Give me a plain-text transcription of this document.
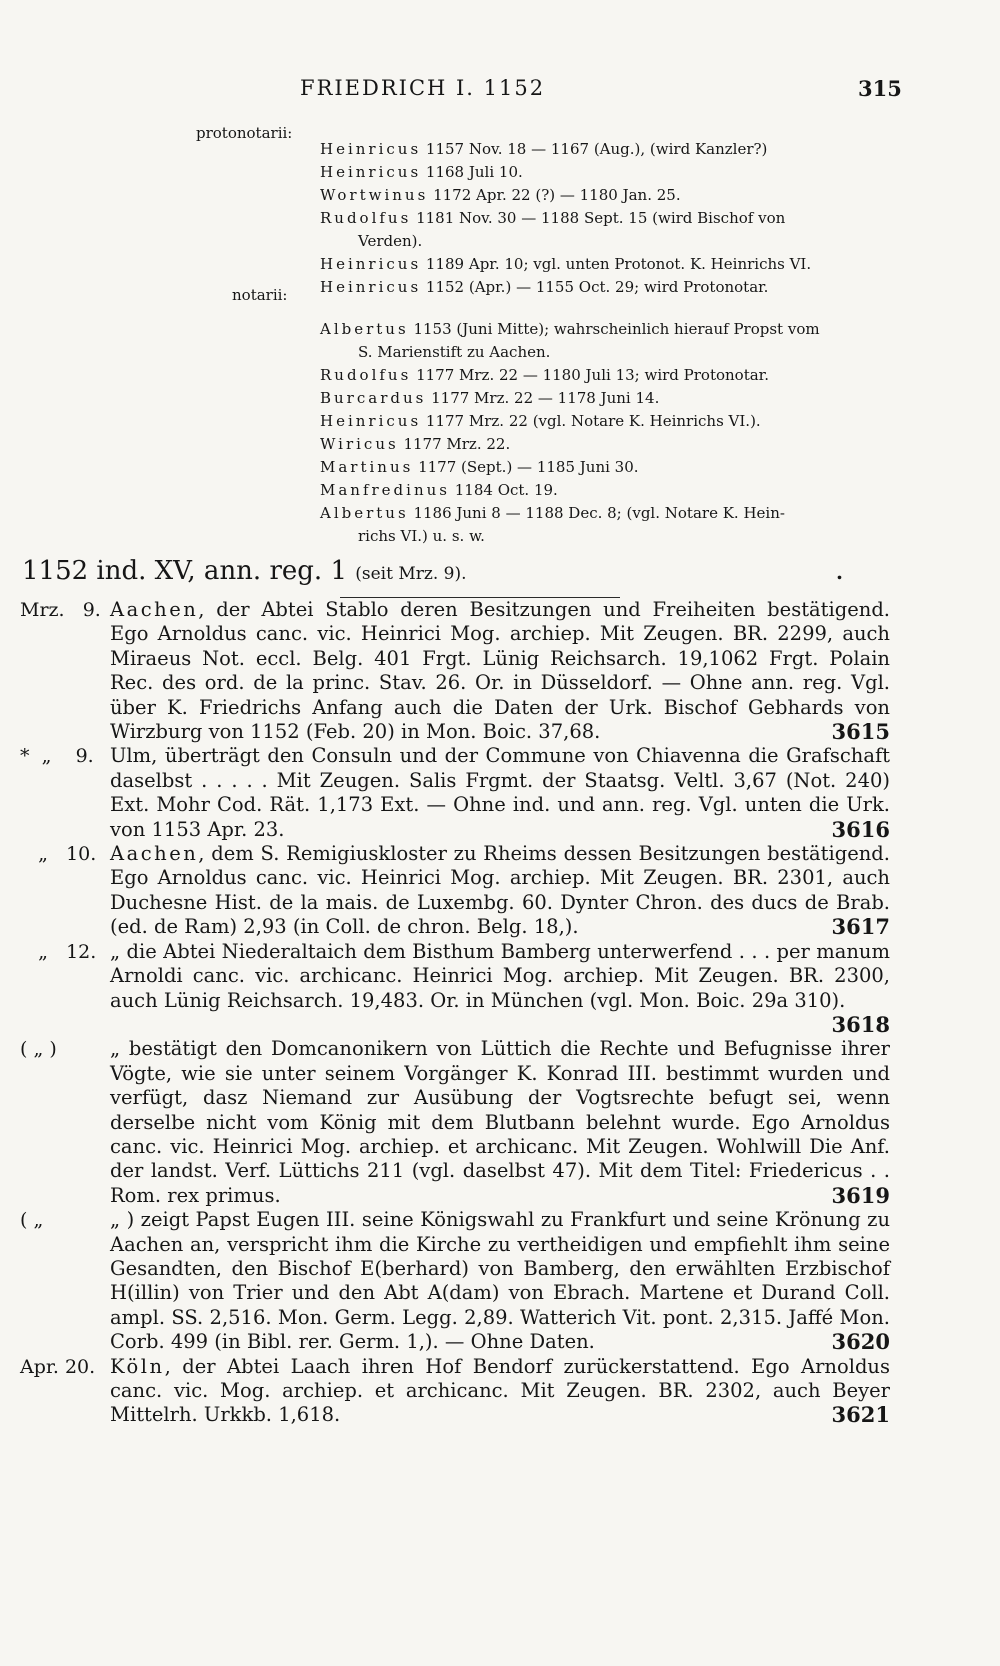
FRIEDRICH I. 1152	315
protonotarii:
Heinricus 1157 Nov. 18 — 1167 (Aug.), (wird Kanzler?)
Heinricus 1168 Juli 10.
Wortwinus 1172 Apr. 22 (?) — 1180 Jan. 25.
Rudolfus 1181 Nov. 30 — 1188 Sept. 15 (wird Bischof von
Verden).
Heinricus 1189 Apr. 10; vgl. unten Protonot. K. Heinrichs VI.
Heinricus 1152 (Apr.) — 1155 Oct. 29; wird Protonotar.
notarii:
Albertus 1153 (Juni Mitte); wahrscheinlich hierauf Propst vom
S. Marienstift zu Aachen.
Rudolfus 1177 Mrz. 22 — 1180 Juli 13; wird Protonotar.
Burcardus 1177 Mrz. 22 — 1178 Juni 14.
Heinricus 1177 Mrz. 22 (vgl. Notare K. Heinrichs VI.).
Wiricus 1177 Mrz. 22.
Martinus 1177 (Sept.) — 1185 Juni 30.
Manfredinus 1184 Oct. 19.
Albertus 1186 Juni 8 — 1188 Dec. 8; (vgl. Notare K. Hein-
richs VI.) u. s. w.
1152 ind. XV, ann. reg. 1 (seit Mrz. 9).	.
Mrz.   9. Aachen, der Abtei Stablo deren Besitzungen und Freiheiten bestätigend. Ego Arnoldus canc. vic. Heinrici Mog. archiep. Mit Zeugen. BR. 2299, auch Miraeus Not. eccl. Belg. 401 Frgt. Lünig Reichsarch. 19,1062 Frgt. Polain Rec. des ord. de la princ. Stav. 26. Or. in Düsseldorf. — Ohne ann. reg. Vgl. über K. Friedrichs Anfang auch die Daten der Urk. Bischof Gebhards von Wirzburg von 1152 (Feb. 20) in Mon. Boic. 37,68.	3615
*  „    9. Ulm, überträgt den Consuln und der Commune von Chiavenna die Grafschaft daselbst . . . . . Mit Zeugen. Salis Frgmt. der Staatsg. Veltl. 3,67 (Not. 240) Ext. Mohr Cod. Rät. 1,173 Ext. — Ohne ind. und ann. reg. Vgl. unten die Urk. von 1153 Apr. 23.	3616
„   10. Aachen, dem S. Remigiuskloster zu Rheims dessen Besitzungen bestätigend. Ego Arnoldus canc. vic. Heinrici Mog. archiep. Mit Zeugen. BR. 2301, auch Duchesne Hist. de la mais. de Luxembg. 60. Dynter Chron. des ducs de Brab. (ed. de Ram) 2,93 (in Coll. de chron. Belg. 18,).	3617
„   12. „ die Abtei Niederaltaich dem Bisthum Bamberg unterwerfend . . . per manum Arnoldi canc. vic. archicanc. Heinrici Mog. archiep. Mit Zeugen. BR. 2300, auch Lünig Reichsarch. 19,483. Or. in München (vgl. Mon. Boic. 29a 310).
3618
( „ )	„ bestätigt den Domcanonikern von Lüttich die Rechte und Befugnisse ihrer Vögte, wie sie unter seinem Vorgänger K. Konrad III. bestimmt wurden und verfügt, dasz Niemand zur Ausübung der Vogtsrechte befugt sei, wenn derselbe nicht vom König mit dem Blutbann belehnt wurde. Ego Arnoldus canc. vic. Heinrici Mog. archiep. et archicanc. Mit Zeugen. Wohlwill Die Anf. der landst. Verf. Lüttichs 211 (vgl. daselbst 47). Mit dem Titel: Friedericus . . Rom. rex primus.	3619
( „	„ ) zeigt Papst Eugen III. seine Königswahl zu Frankfurt und seine Krönung zu Aachen an, verspricht ihm die Kirche zu vertheidigen und empfiehlt ihm seine Gesandten, den Bischof E(berhard) von Bamberg, den erwählten Erzbischof H(illin) von Trier und den Abt A(dam) von Ebrach. Martene et Durand Coll. ampl. SS. 2,516. Mon. Germ. Legg. 2,89. Watterich Vit. pont. 2,315. Jaffé Mon. Corb. 499 (in Bibl. rer. Germ. 1,). — Ohne Daten.	3620
Apr. 20. Köln, der Abtei Laach ihren Hof Bendorf zurückerstattend. Ego Arnoldus canc. vic. Mog. archiep. et archicanc. Mit Zeugen. BR. 2302, auch Beyer Mittelrh. Urkkb. 1,618.	3621
